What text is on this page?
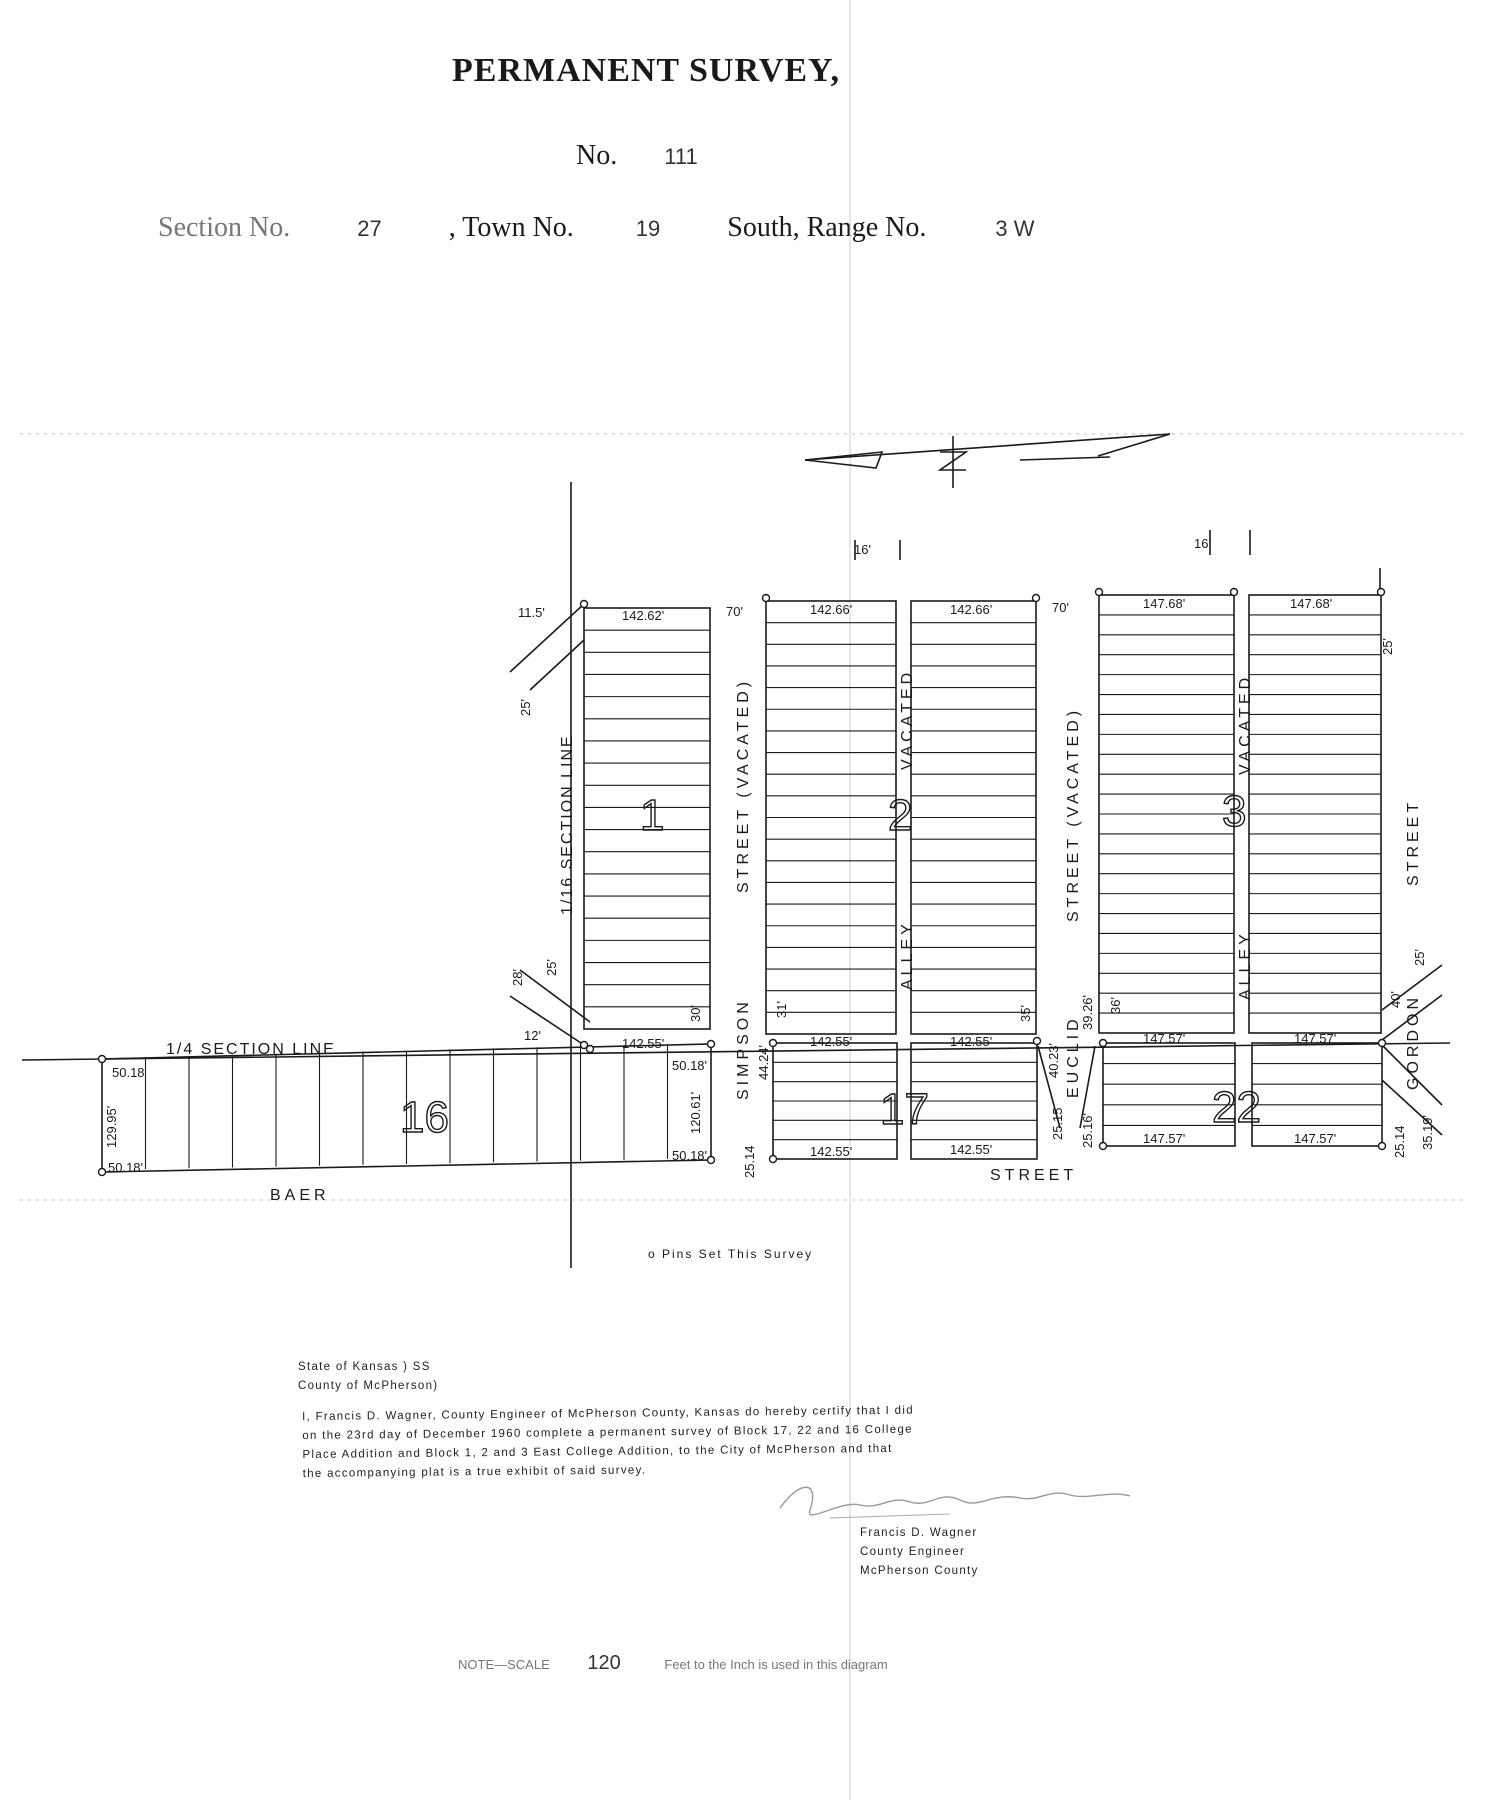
PERMANENT SURVEY,
No. 111
Section No.	27 , Town No.	19 South, Range No.	3 W
1	2	3
16	17	22
STREET (VACATED)	STREET (VACATED)
ALLEY
VACATED
ALLEY
VACATED
STREET
BAER
STREET
SIMPSON	EUCLID	GORDON
1/16 SECTION LINE
1/4 SECTION LINE
142.62'	142.66'	142.66'	147.68'	147.68'
70'	70'
16'	16'
11.5'
25'
28'
25'
12'
30'	31'	35'	36'	40'
25'
25'
142.55'	142.55'	142.55'
142.55'	142.55'
147.57'	147.57'
147.57'	147.57'
44.24'
25.14
40.23'
25.15
39.26'
25.16'	25.14 35.19'
50.18
50.18'
50.18'
50.18'
129.95'	120.61'
o Pins Set This Survey
State of Kansas ) SS
County of McPherson)
I, Francis D. Wagner, County Engineer of McPherson County, Kansas do hereby certify that I did
on the 23rd day of December 1960 complete a permanent survey of Block 17, 22 and 16 College
Place Addition and Block 1, 2 and 3 East College Addition, to the City of McPherson and that
the accompanying plat is a true exhibit of said survey.
Francis D. Wagner
County Engineer
McPherson County
NOTE—SCALE 120	Feet to the Inch is used in this diagram
